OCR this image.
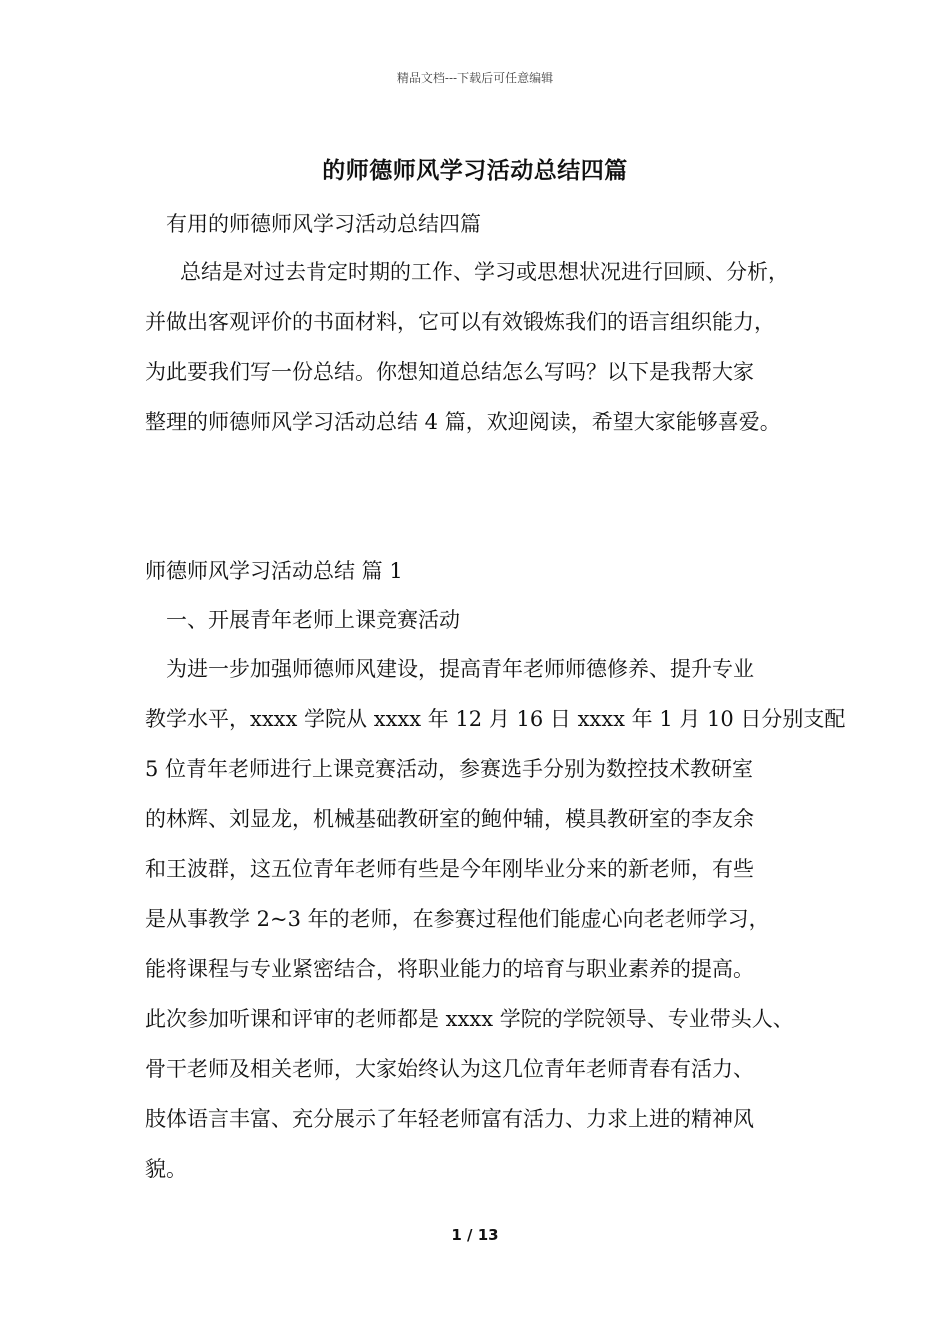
精品文档---下载后可任意编辑
的师德师风学习活动总结四篇
有用的师德师风学习活动总结四篇
总结是对过去肯定时期的工作、学习或思想状况进行回顾、分析，
并做出客观评价的书面材料，它可以有效锻炼我们的语言组织能力，
为此要我们写一份总结。你想知道总结怎么写吗？以下是我帮大家
整理的师德师风学习活动总结 4 篇，欢迎阅读，希望大家能够喜爱。
师德师风学习活动总结 篇 1
一、开展青年老师上课竞赛活动
为进一步加强师德师风建设，提高青年老师师德修养、提升专业
教学水平，xxxx 学院从 xxxx 年 12 月 16 日 xxxx 年 1 月 10 日分别支配
5 位青年老师进行上课竞赛活动，参赛选手分别为数控技术教研室
的林辉、刘显龙，机械基础教研室的鲍仲辅，模具教研室的李友余
和王波群，这五位青年老师有些是今年刚毕业分来的新老师，有些
是从事教学 2~3 年的老师，在参赛过程他们能虚心向老老师学习，
能将课程与专业紧密结合，将职业能力的培育与职业素养的提高。
此次参加听课和评审的老师都是 xxxx 学院的学院领导、专业带头人、
骨干老师及相关老师，大家始终认为这几位青年老师青春有活力、
肢体语言丰富、充分展示了年轻老师富有活力、力求上进的精神风
貌。
1 / 13
